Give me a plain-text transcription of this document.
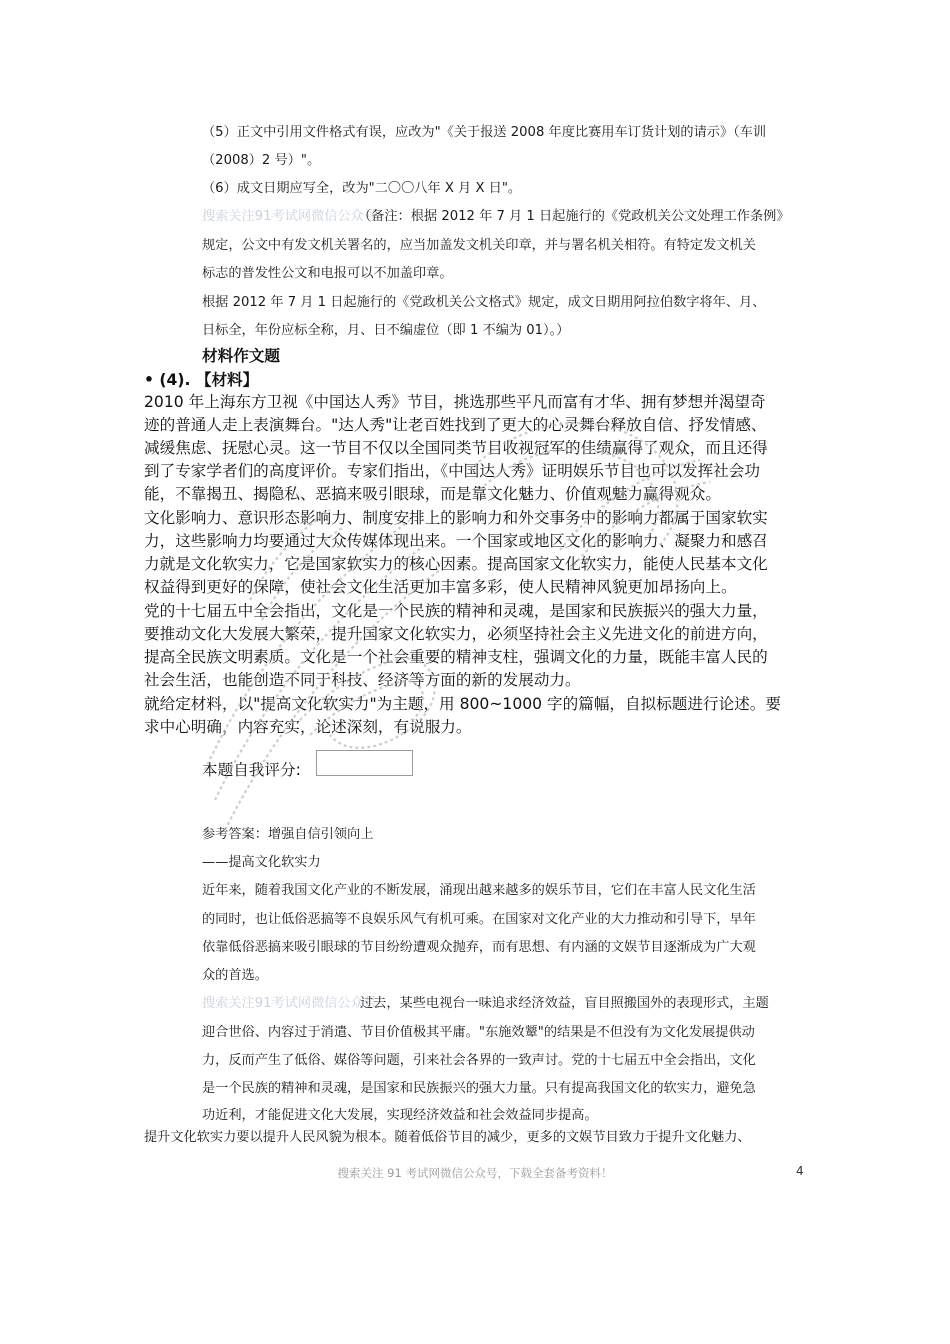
（5）正文中引用文件格式有误，应改为"《关于报送 2008 年度比赛用车订货计划的请示》（车训
（2008）2 号）"。
（6）成文日期应写全，改为"二〇〇八年 X 月 X 日"。
搜索关注91考试网微信公众号
（备注：根据 2012 年 7 月 1 日起施行的《党政机关公文处理工作条例》
规定，公文中有发文机关署名的，应当加盖发文机关印章，并与署名机关相符。有特定发文机关
标志的普发性公文和电报可以不加盖印章。
根据 2012 年 7 月 1 日起施行的《党政机关公文格式》规定，成文日期用阿拉伯数字将年、月、
日标全，年份应标全称，月、日不编虚位（即 1 不编为 01）。）
材料作文题
• (4). 【材料】
2010 年上海东方卫视《中国达人秀》节目，挑选那些平凡而富有才华、拥有梦想并渴望奇
迹的普通人走上表演舞台。"达人秀"让老百姓找到了更大的心灵舞台释放自信、抒发情感、
减缓焦虑、抚慰心灵。这一节目不仅以全国同类节目收视冠军的佳绩赢得了观众，而且还得
到了专家学者们的高度评价。专家们指出，《中国达人秀》证明娱乐节目也可以发挥社会功
能，不靠揭丑、揭隐私、恶搞来吸引眼球，而是靠文化魅力、价值观魅力赢得观众。
文化影响力、意识形态影响力、制度安排上的影响力和外交事务中的影响力都属于国家软实
力，这些影响力均要通过大众传媒体现出来。一个国家或地区文化的影响力、凝聚力和感召
力就是文化软实力，它是国家软实力的核心因素。提高国家文化软实力，能使人民基本文化
权益得到更好的保障，使社会文化生活更加丰富多彩，使人民精神风貌更加昂扬向上。
党的十七届五中全会指出，文化是一个民族的精神和灵魂，是国家和民族振兴的强大力量，
要推动文化大发展大繁荣，提升国家文化软实力，必须坚持社会主义先进文化的前进方向，
提高全民族文明素质。文化是一个社会重要的精神支柱，强调文化的力量，既能丰富人民的
社会生活，也能创造不同于科技、经济等方面的新的发展动力。
就给定材料，以"提高文化软实力"为主题，用 800~1000 字的篇幅，自拟标题进行论述。要
求中心明确，内容充实，论述深刻，有说服力。
本题自我评分:
参考答案：增强自信引领向上
——提高文化软实力
近年来，随着我国文化产业的不断发展，涌现出越来越多的娱乐节目，它们在丰富人民文化生活
的同时，也让低俗恶搞等不良娱乐风气有机可乘。在国家对文化产业的大力推动和引导下，早年
依靠低俗恶搞来吸引眼球的节目纷纷遭观众抛弃，而有思想、有内涵的文娱节目逐渐成为广大观
众的首选。
搜索关注91考试网微信公众号
过去，某些电视台一味追求经济效益，盲目照搬国外的表现形式，主题
迎合世俗、内容过于消遣、节目价值极其平庸。"东施效颦"的结果是不但没有为文化发展提供动
力，反而产生了低俗、媒俗等问题，引来社会各界的一致声讨。党的十七届五中全会指出，文化
是一个民族的精神和灵魂，是国家和民族振兴的强大力量。只有提高我国文化的软实力，避免急
功近利，才能促进文化大发展，实现经济效益和社会效益同步提高。
提升文化软实力要以提升人民风貌为根本。随着低俗节目的减少，更多的文娱节目致力于提升文化魅力、
搜索关注 91 考试网微信公众号，下载全套备考资料！	4
